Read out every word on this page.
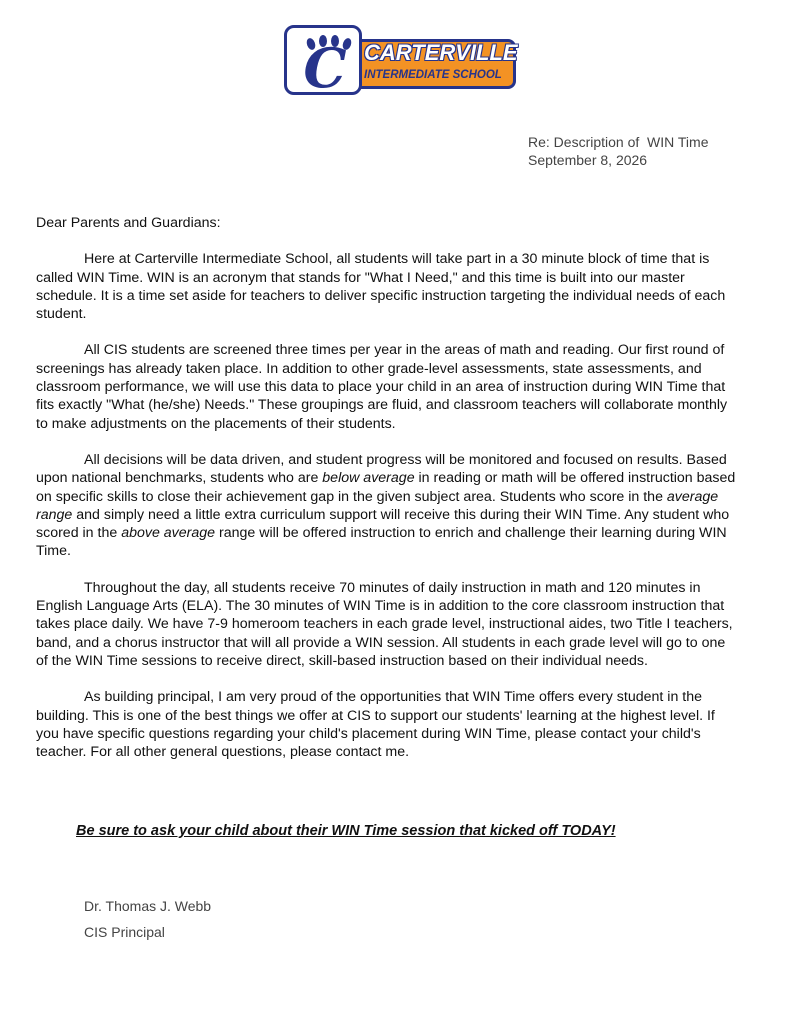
C CARTERVILLE
INTERMEDIATE SCHOOL
Re: Description of  WIN Time
September 8, 2026

Dear Parents and Guardians:

Here at Carterville Intermediate School, all students will take part in a 30 minute block of time that is called WIN Time. WIN is an acronym that stands for "What I Need," and this time is built into our master schedule. It is a time set aside for teachers to deliver specific instruction targeting the individual needs of each student.

All CIS students are screened three times per year in the areas of math and reading. Our first round of screenings has already taken place. In addition to other grade-level assessments, state assessments, and classroom performance, we will use this data to place your child in an area of instruction during WIN Time that fits exactly "What (he/she) Needs." These groupings are fluid, and classroom teachers will collaborate monthly to make adjustments on the placements of their students.

All decisions will be data driven, and student progress will be monitored and focused on results. Based upon national benchmarks, students who are below average in reading or math will be offered instruction based on specific skills to close their achievement gap in the given subject area. Students who score in the average range and simply need a little extra curriculum support will receive this during their WIN Time. Any student who scored in the above average range will be offered instruction to enrich and challenge their learning during WIN Time.

Throughout the day, all students receive 70 minutes of daily instruction in math and 120 minutes in English Language Arts (ELA). The 30 minutes of WIN Time is in addition to the core classroom instruction that takes place daily. We have 7-9 homeroom teachers in each grade level, instructional aides, two Title I teachers, band, and a chorus instructor that will all provide a WIN session. All students in each grade level will go to one of the WIN Time sessions to receive direct, skill-based instruction based on their individual needs.

As building principal, I am very proud of the opportunities that WIN Time offers every student in the building. This is one of the best things we offer at CIS to support our students' learning at the highest level. If you have specific questions regarding your child's placement during WIN Time, please contact your child's teacher. For all other general questions, please contact me.

Be sure to ask your child about their WIN Time session that kicked off TODAY!
Dr. Thomas J. Webb
CIS Principal
